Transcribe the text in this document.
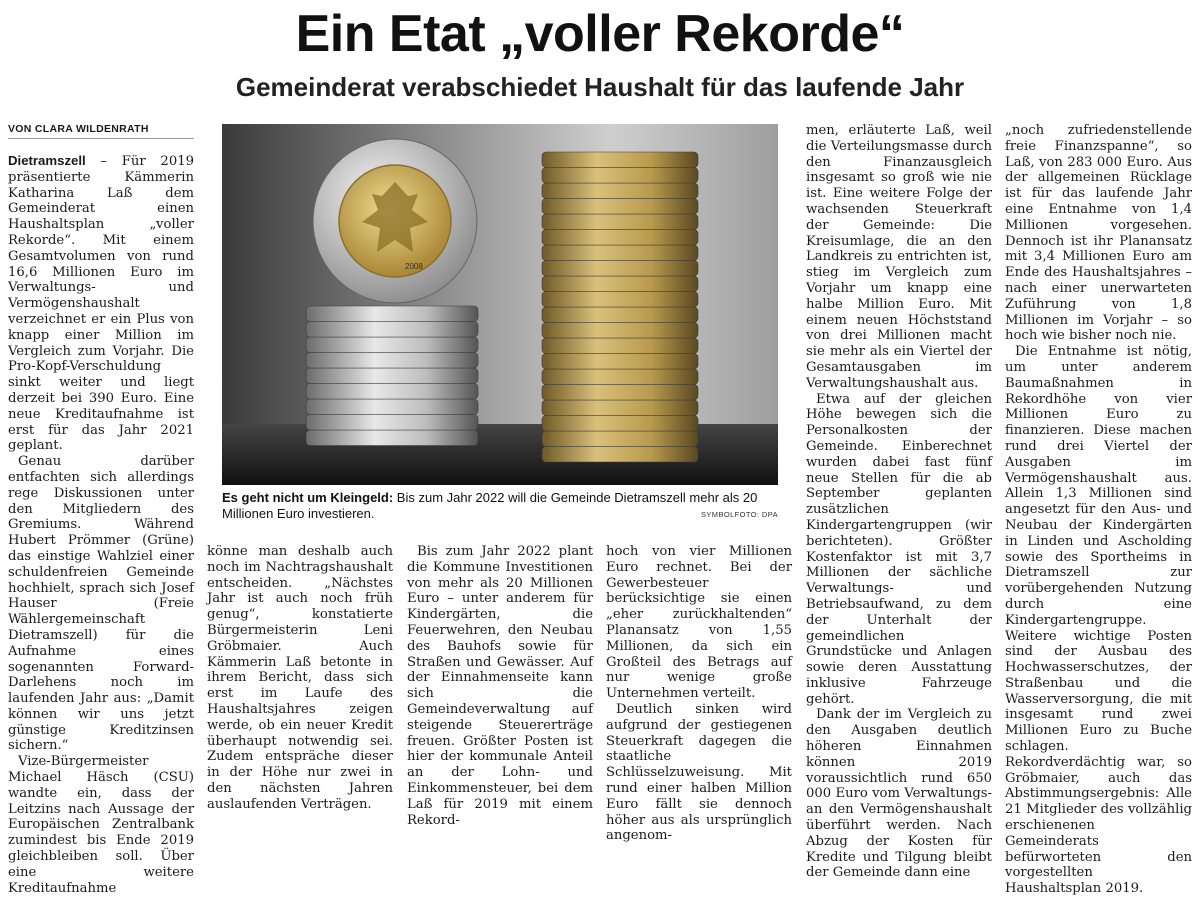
Ein Etat „voller Rekorde“
Gemeinderat verabschiedet Haushalt für das laufende Jahr
VON CLARA WILDENRATH

Dietramszell – Für 2019 präsentierte Kämmerin Katharina Laß dem Gemeinderat einen Haushaltsplan „voller Rekorde“. Mit einem Gesamtvolumen von rund 16,6 Millionen Euro im Verwaltungs- und Vermögenshaushalt verzeichnet er ein Plus von knapp einer Million im Vergleich zum Vorjahr. Die Pro-Kopf-Verschuldung sinkt weiter und liegt derzeit bei 390 Euro. Eine neue Kreditaufnahme ist erst für das Jahr 2021 geplant.

Genau darüber entfachten sich allerdings rege Diskussionen unter den Mitgliedern des Gremiums. Während Hubert Prömmer (Grüne) das einstige Wahlziel einer schuldenfreien Gemeinde hochhielt, sprach sich Josef Hauser (Freie Wählergemeinschaft Dietramszell) für die Aufnahme eines sogenannten Forward-Darlehens noch im laufenden Jahr aus: „Damit können wir uns jetzt günstige Kreditzinsen sichern.“

Vize-Bürgermeister Michael Häsch (CSU) wandte ein, dass der Leitzins nach Aussage der Europäischen Zentralbank zumindest bis Ende 2019 gleichbleiben soll. Über eine weitere Kreditaufnahme

2008
Es geht nicht um Kleingeld: Bis zum Jahr 2022 will die Gemeinde Dietramszell mehr als 20 Millionen Euro investieren.	SYMBOLFOTO: DPA

könne man deshalb auch noch im Nachtragshaushalt entscheiden. „Nächstes Jahr ist auch noch früh genug“, konstatierte Bürgermeisterin Leni Gröbmaier. Auch Kämmerin Laß betonte in ihrem Bericht, dass sich erst im Laufe des Haushaltsjahres zeigen werde, ob ein neuer Kredit überhaupt notwendig sei. Zudem entspräche dieser in der Höhe nur zwei in den nächsten Jahren auslaufenden Verträgen.

Bis zum Jahr 2022 plant die Kommune Investitionen von mehr als 20 Millionen Euro – unter anderem für Kindergärten, die Feuerwehren, den Neubau des Bauhofs sowie für Straßen und Gewässer. Auf der Einnahmenseite kann sich die Gemeindeverwaltung auf steigende Steuererträge freuen. Größter Posten ist hier der kommunale Anteil an der Lohn- und Einkommensteuer, bei dem Laß für 2019 mit einem Rekord-

hoch von vier Millionen Euro rechnet. Bei der Gewerbesteuer berücksichtige sie einen „eher zurückhaltenden“ Planansatz von 1,55 Millionen, da sich ein Großteil des Betrags auf nur wenige große Unternehmen verteilt.

Deutlich sinken wird aufgrund der gestiegenen Steuerkraft dagegen die staatliche Schlüsselzuweisung. Mit rund einer halben Million Euro fällt sie dennoch höher aus als ursprünglich angenom-

men, erläuterte Laß, weil die Verteilungsmasse durch den Finanzausgleich insgesamt so groß wie nie ist. Eine weitere Folge der wachsenden Steuerkraft der Gemeinde: Die Kreisumlage, die an den Landkreis zu entrichten ist, stieg im Vergleich zum Vorjahr um knapp eine halbe Million Euro. Mit einem neuen Höchststand von drei Millionen macht sie mehr als ein Viertel der Gesamtausgaben im Verwaltungshaushalt aus.

Etwa auf der gleichen Höhe bewegen sich die Personalkosten der Gemeinde. Einberechnet wurden dabei fast fünf neue Stellen für die ab September geplanten zusätzlichen Kindergartengruppen (wir berichteten). Größter Kostenfaktor ist mit 3,7 Millionen der sächliche Verwaltungs- und Betriebsaufwand, zu dem der Unterhalt der gemeindlichen Grundstücke und Anlagen sowie deren Ausstattung inklusive Fahrzeuge gehört.

Dank der im Vergleich zu den Ausgaben deutlich höheren Einnahmen können 2019 voraussichtlich rund 650 000 Euro vom Verwaltungs- an den Vermögenshaushalt überführt werden. Nach Abzug der Kosten für Kredite und Tilgung bleibt der Gemeinde dann eine

„noch zufriedenstellende freie Finanzspanne“, so Laß, von 283 000 Euro. Aus der allgemeinen Rücklage ist für das laufende Jahr eine Entnahme von 1,4 Millionen vorgesehen. Dennoch ist ihr Planansatz mit 3,4 Millionen Euro am Ende des Haushaltsjahres – nach einer unerwarteten Zuführung von 1,8 Millionen im Vorjahr – so hoch wie bisher noch nie.

Die Entnahme ist nötig, um unter anderem Baumaßnahmen in Rekordhöhe von vier Millionen Euro zu finanzieren. Diese machen rund drei Viertel der Ausgaben im Vermögenshaushalt aus. Allein 1,3 Millionen sind angesetzt für den Aus- und Neubau der Kindergärten in Linden und Ascholding sowie des Sportheims in Dietramszell zur vorübergehenden Nutzung durch eine Kindergartengruppe. Weitere wichtige Posten sind der Ausbau des Hochwasserschutzes, der Straßenbau und die Wasserversorgung, die mit insgesamt rund zwei Millionen Euro zu Buche schlagen. Rekordverdächtig war, so Gröbmaier, auch das Abstimmungsergebnis: Alle 21 Mitglieder des vollzählig erschienenen Gemeinderats befürworteten den vorgestellten Haushaltsplan 2019.
